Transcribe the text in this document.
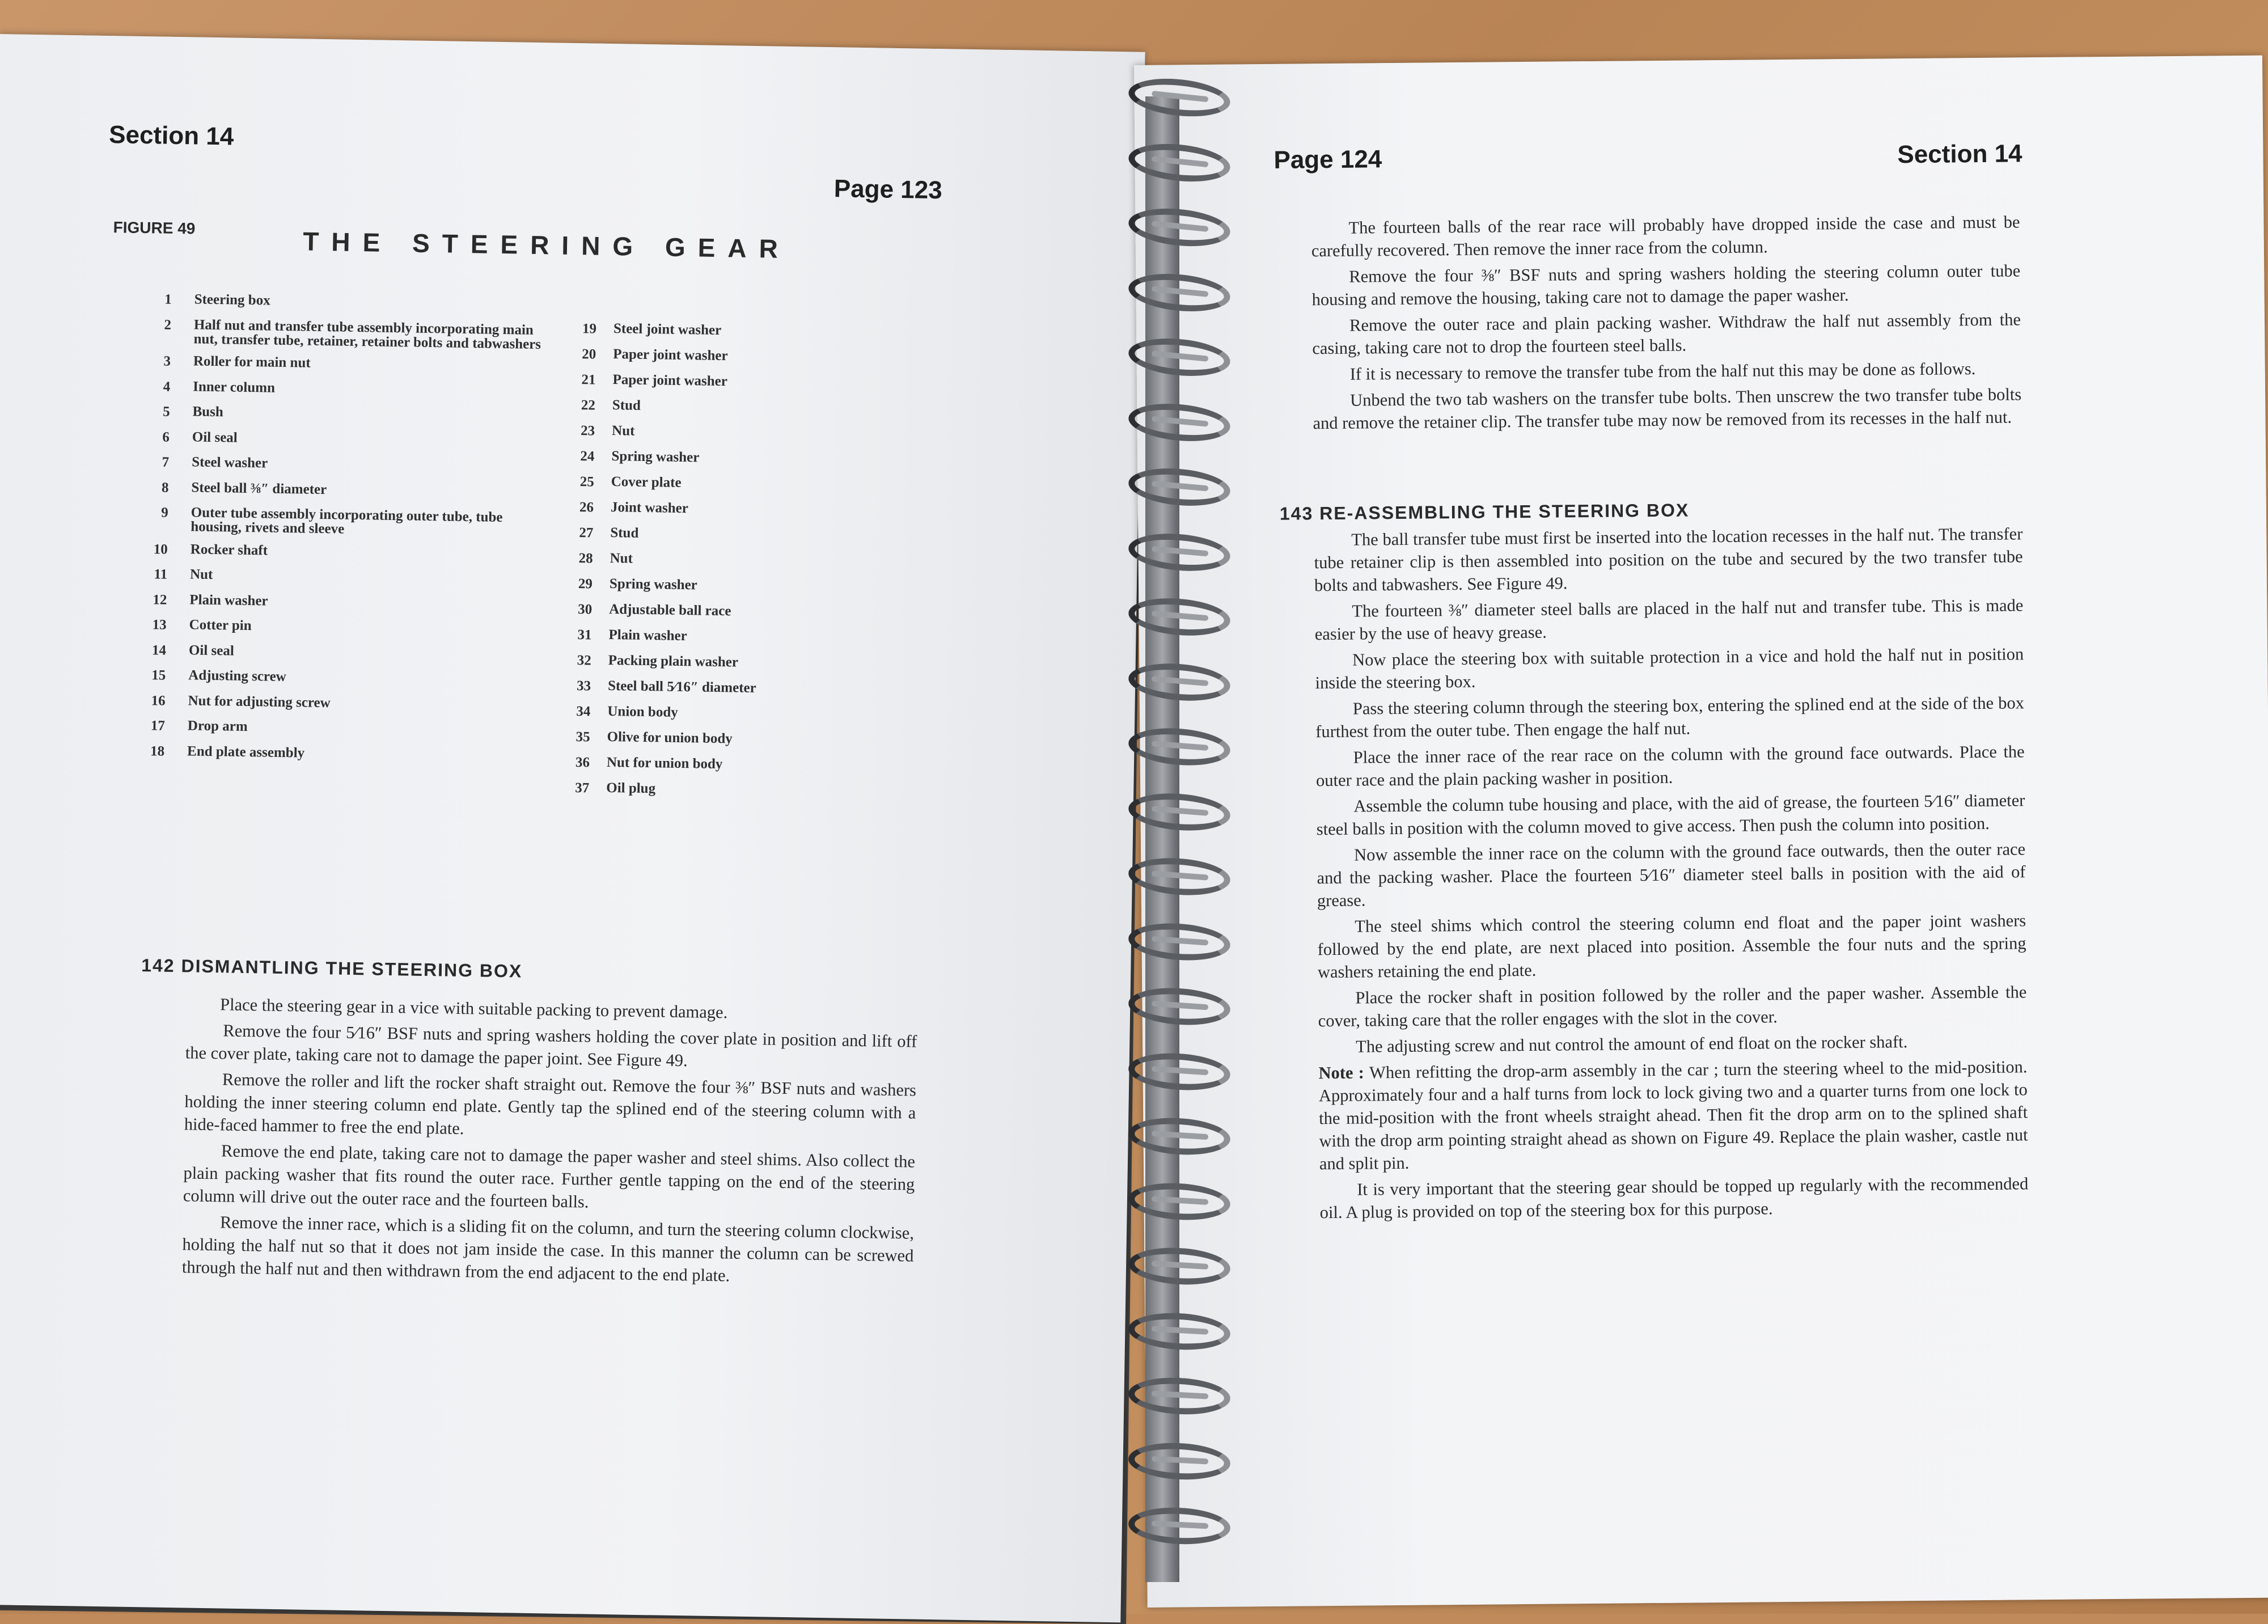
Section 14
Page 123
FIGURE 49	THE STEERING GEAR
1 Steering box
2 Half nut and transfer tube assembly incorporating main nut, transfer tube, retainer, retainer bolts and tabwashers
3 Roller for main nut
4 Inner column
5 Bush
6 Oil seal
7 Steel washer
8 Steel ball ⅜″ diameter
9 Outer tube assembly incorporating outer tube, tube housing, rivets and sleeve
10 Rocker shaft
11 Nut
12 Plain washer
13 Cotter pin
14 Oil seal
15 Adjusting screw
16 Nut for adjusting screw
17 Drop arm
18 End plate assembly
19 Steel joint washer
20 Paper joint washer
21 Paper joint washer
22 Stud
23 Nut
24 Spring washer
25 Cover plate
26 Joint washer
27 Stud
28 Nut
29 Spring washer
30 Adjustable ball race
31 Plain washer
32 Packing plain washer
33 Steel ball 5⁄16″ diameter
34 Union body
35 Olive for union body
36 Nut for union body
37 Oil plug
142 DISMANTLING THE STEERING BOX

Place the steering gear in a vice with suitable packing to prevent damage.

Remove the four 5⁄16″ BSF nuts and spring washers holding the cover plate in position and lift off the cover plate, taking care not to damage the paper joint. See Figure 49.

Remove the roller and lift the rocker shaft straight out. Remove the four ⅜″ BSF nuts and washers holding the inner steering column end plate. Gently tap the splined end of the steering column with a hide-faced hammer to free the end plate.

Remove the end plate, taking care not to damage the paper washer and steel shims. Also collect the plain packing washer that fits round the outer race. Further gentle tapping on the end of the steering column will drive out the outer race and the fourteen balls.

Remove the inner race, which is a sliding fit on the column, and turn the steering column clockwise, holding the half nut so that it does not jam inside the case. In this manner the column can be screwed through the half nut and then withdrawn from the end adjacent to the end plate.

Page 124	Section 14

The fourteen balls of the rear race will probably have dropped inside the case and must be carefully recovered. Then remove the inner race from the column.

Remove the four ⅜″ BSF nuts and spring washers holding the steering column outer tube housing and remove the housing, taking care not to damage the paper washer.

Remove the outer race and plain packing washer. Withdraw the half nut assembly from the casing, taking care not to drop the fourteen steel balls.

If it is necessary to remove the transfer tube from the half nut this may be done as follows.

Unbend the two tab washers on the transfer tube bolts. Then unscrew the two transfer tube bolts and remove the retainer clip. The transfer tube may now be removed from its recesses in the half nut.

143 RE-ASSEMBLING THE STEERING BOX

The ball transfer tube must first be inserted into the location recesses in the half nut. The transfer tube retainer clip is then assembled into position on the tube and secured by the two transfer tube bolts and tabwashers. See Figure 49.

The fourteen ⅜″ diameter steel balls are placed in the half nut and transfer tube. This is made easier by the use of heavy grease.

Now place the steering box with suitable protection in a vice and hold the half nut in position inside the steering box.

Pass the steering column through the steering box, entering the splined end at the side of the box furthest from the outer tube. Then engage the half nut.

Place the inner race of the rear race on the column with the ground face outwards. Place the outer race and the plain packing washer in position.

Assemble the column tube housing and place, with the aid of grease, the fourteen 5⁄16″ diameter steel balls in position with the column moved to give access. Then push the column into position.

Now assemble the inner race on the column with the ground face outwards, then the outer race and the packing washer. Place the fourteen 5⁄16″ diameter steel balls in position with the aid of grease.

The steel shims which control the steering column end float and the paper joint washers followed by the end plate, are next placed into position. Assemble the four nuts and the spring washers retaining the end plate.

Place the rocker shaft in position followed by the roller and the paper washer. Assemble the cover, taking care that the roller engages with the slot in the cover.

The adjusting screw and nut control the amount of end float on the rocker shaft.

Note : When refitting the drop-arm assembly in the car ; turn the steering wheel to the mid-position. Approximately four and a half turns from lock to lock giving two and a quarter turns from one lock to the mid-position with the front wheels straight ahead. Then fit the drop arm on to the splined shaft with the drop arm pointing straight ahead as shown on Figure 49. Replace the plain washer, castle nut and split pin.

It is very important that the steering gear should be topped up regularly with the recommended oil. A plug is provided on top of the steering box for this purpose.
